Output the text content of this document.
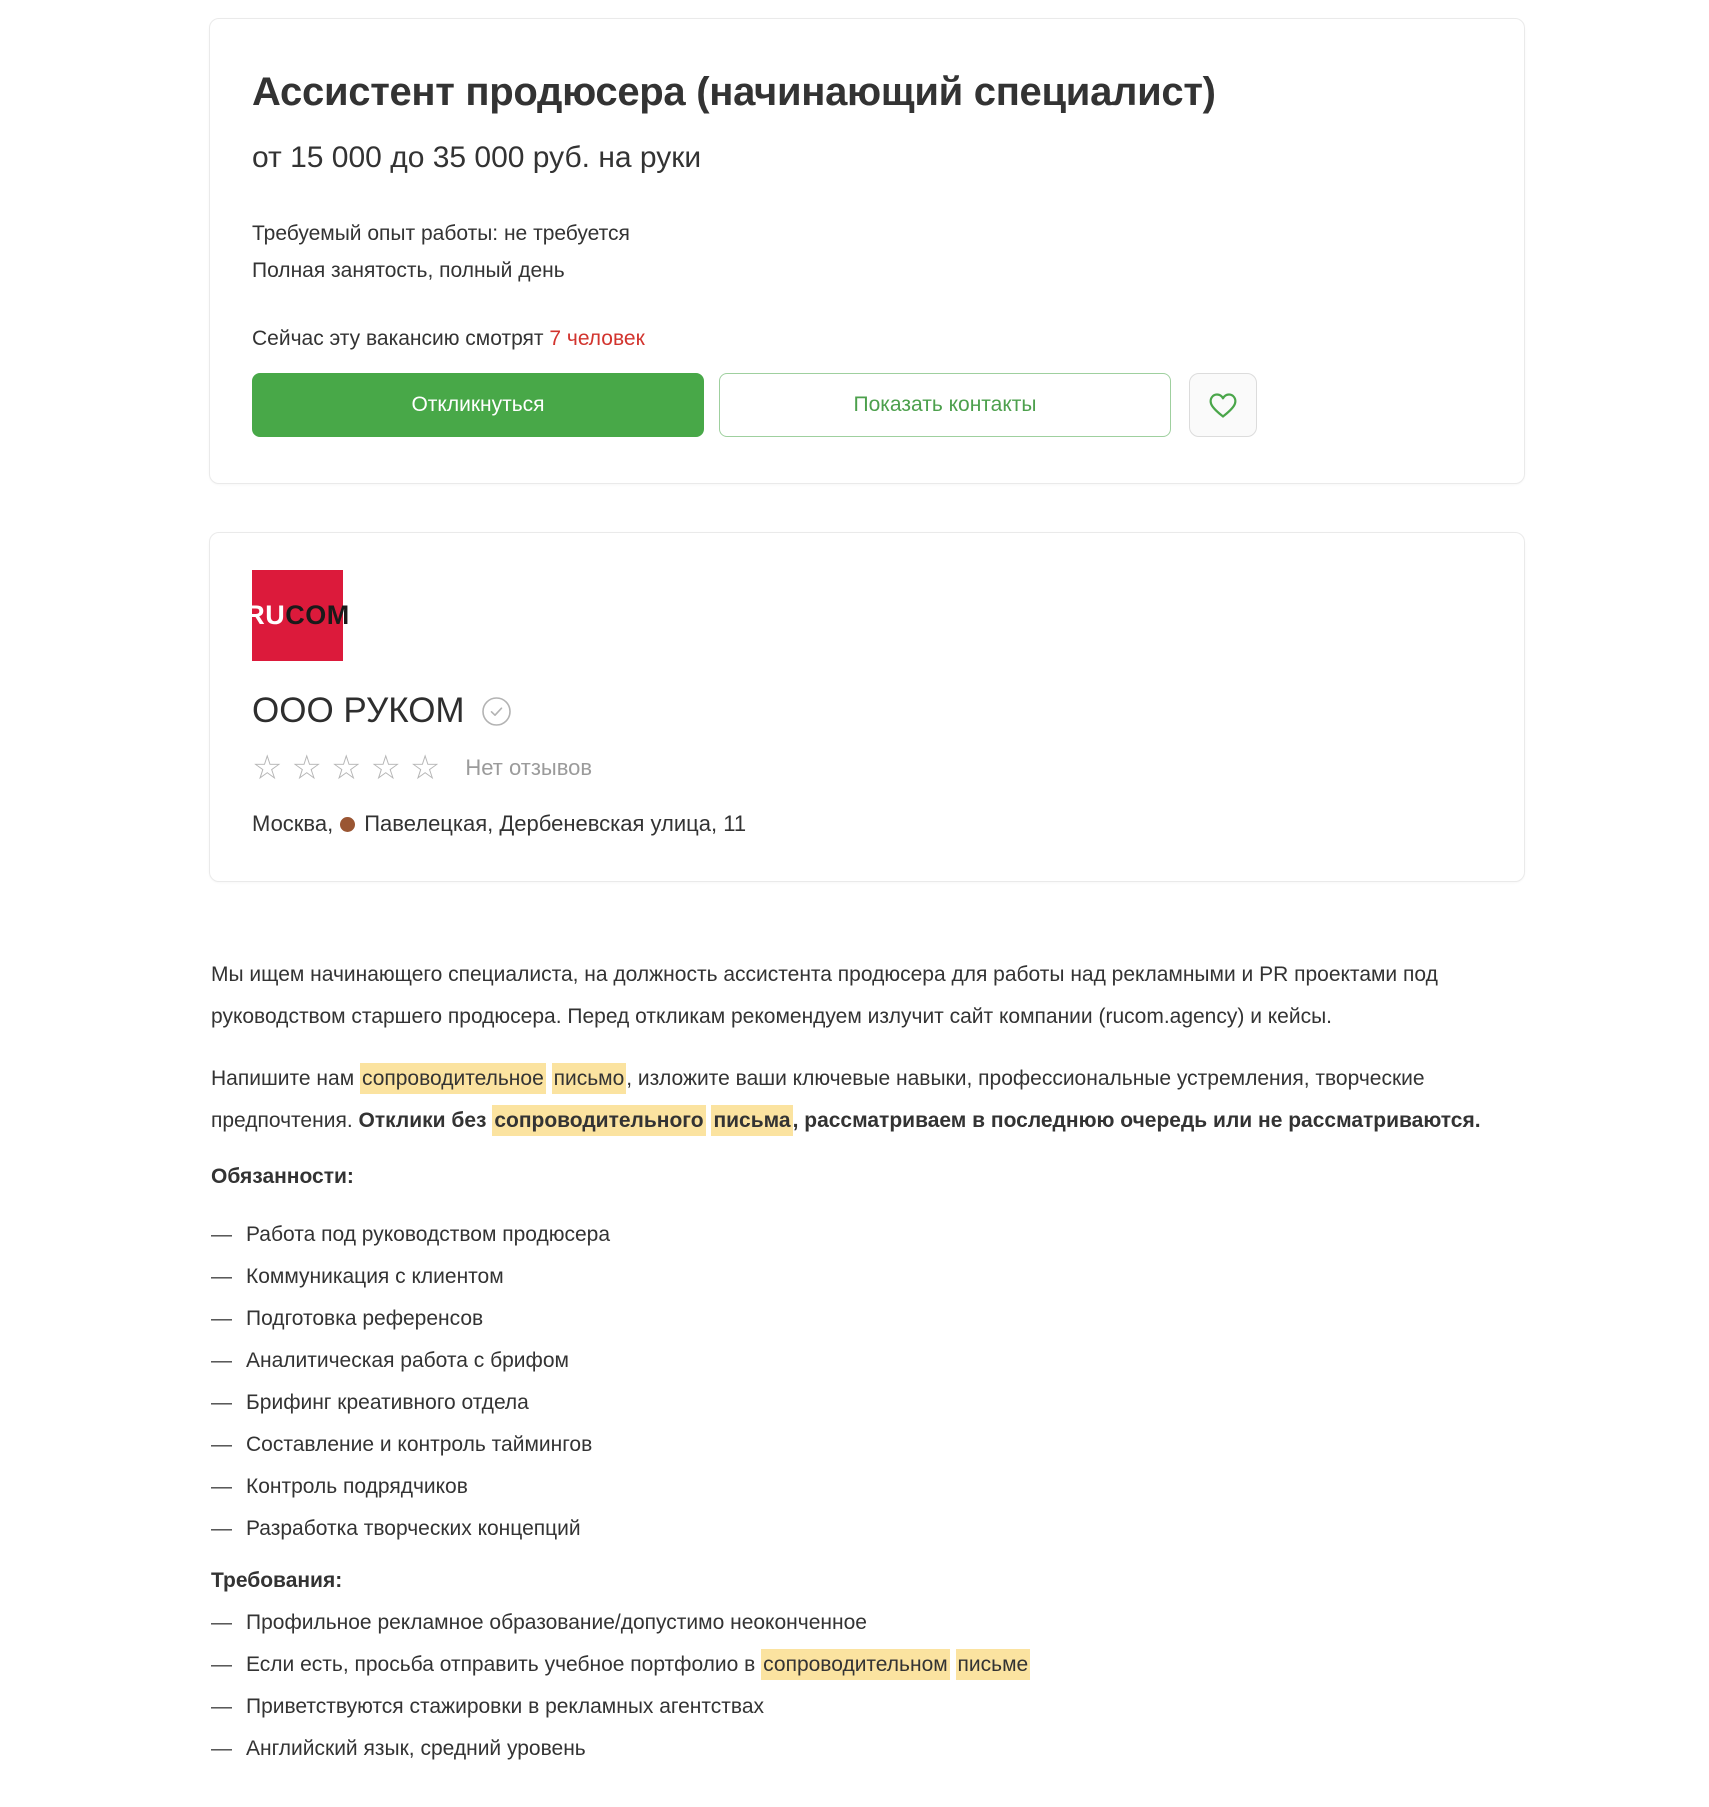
Ассистент продюсера (начинающий специалист)
от 15 000 до 35 000 руб. на руки
Требуемый опыт работы: не требуется
Полная занятость, полный день
Сейчас эту вакансию смотрят 7 человек
Откликнуться	Показать контакты
RU COM
ООО РУКОМ
☆☆☆☆☆ Нет отзывов
Москва, Павелецкая, Дербеневская улица, 11

Мы ищем начинающего специалиста, на должность ассистента продюсера для работы над рекламными и PR проектами под руководством старшего продюсера. Перед откликам рекомендуем излучит сайт компании (rucom.agency) и кейсы.

Напишите нам сопроводительное письмо, изложите ваши ключевые навыки, профессиональные устремления, творческие предпочтения. Отклики без сопроводительного письма, рассматриваем в последнюю очередь или не рассматриваются.

Обязанности:
— Работа под руководством продюсера
— Коммуникация с клиентом
— Подготовка референсов
— Аналитическая работа с брифом
— Брифинг креативного отдела
— Составление и контроль таймингов
— Контроль подрядчиков
— Разработка творческих концепций
Требования:
— Профильное рекламное образование/допустимо неоконченное
— Если есть, просьба отправить учебное портфолио в сопроводительном письме
— Приветствуются стажировки в рекламных агентствах
— Английский язык, средний уровень
